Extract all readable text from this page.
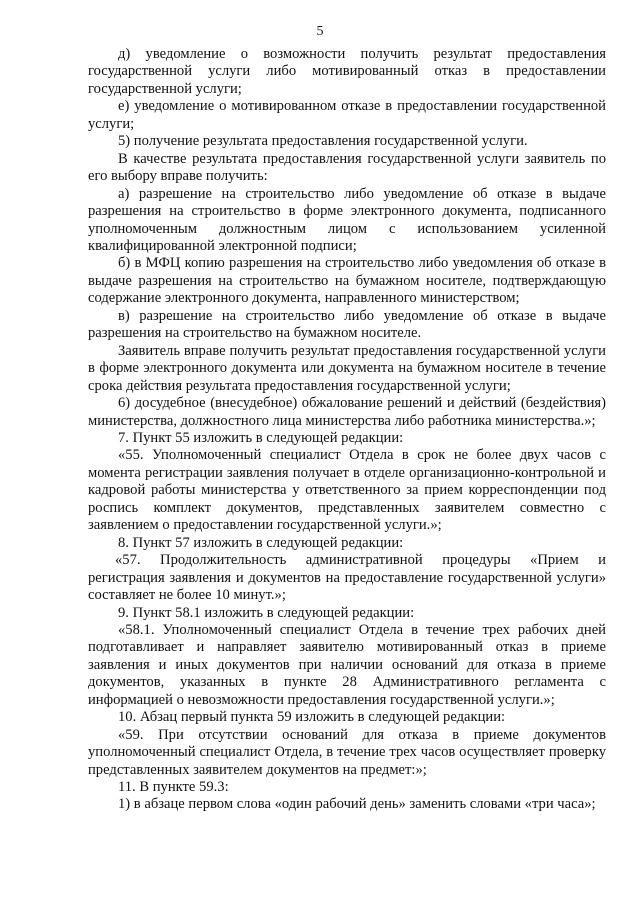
5

д) уведомление о возможности получить результат предоставления государственной услуги либо мотивированный отказ в предоставлении государственной услуги;

е) уведомление о мотивированном отказе в предоставлении государственной услуги;

5) получение результата предоставления государственной услуги.

В качестве результата предоставления государственной услуги заявитель по его выбору вправе получить:

а) разрешение на строительство либо уведомление об отказе в выдаче разрешения на строительство в форме электронного документа, подписанного уполномоченным должностным лицом с использованием усиленной квалифицированной электронной подписи;

б) в МФЦ копию разрешения на строительство либо уведомления об отказе в выдаче разрешения на строительство на бумажном носителе, подтверждающую содержание электронного документа, направленного министерством;

в) разрешение на строительство либо уведомление об отказе в выдаче разрешения на строительство на бумажном носителе.

Заявитель вправе получить результат предоставления государственной услуги в форме электронного документа или документа на бумажном носителе в течение срока действия результата предоставления государственной услуги;

6) досудебное (внесудебное) обжалование решений и действий (бездействия) министерства, должностного лица министерства либо работника министерства.»;

7. Пункт 55 изложить в следующей редакции:

«55. Уполномоченный специалист Отдела в срок не более двух часов с момента регистрации заявления получает в отделе организационно-контрольной и кадровой работы министерства у ответственного за прием корреспонденции под роспись комплект документов, представленных заявителем совместно с заявлением о предоставлении государственной услуги.»;

8. Пункт 57 изложить в следующей редакции:

«57. Продолжительность административной процедуры «Прием и регистрация заявления и документов на предоставление государственной услуги» составляет не более 10 минут.»;

9. Пункт 58.1 изложить в следующей редакции:

«58.1. Уполномоченный специалист Отдела в течение трех рабочих дней подготавливает и направляет заявителю мотивированный отказ в приеме заявления и иных документов при наличии оснований для отказа в приеме документов, указанных в пункте 28 Административного регламента с информацией о невозможности предоставления государственной услуги.»;

10. Абзац первый пункта 59 изложить в следующей редакции:

«59. При отсутствии оснований для отказа в приеме документов уполномоченный специалист Отдела, в течение трех часов осуществляет проверку представленных заявителем документов на предмет:»;

11. В пункте 59.3:

1) в абзаце первом слова «один рабочий день» заменить словами «три часа»;
